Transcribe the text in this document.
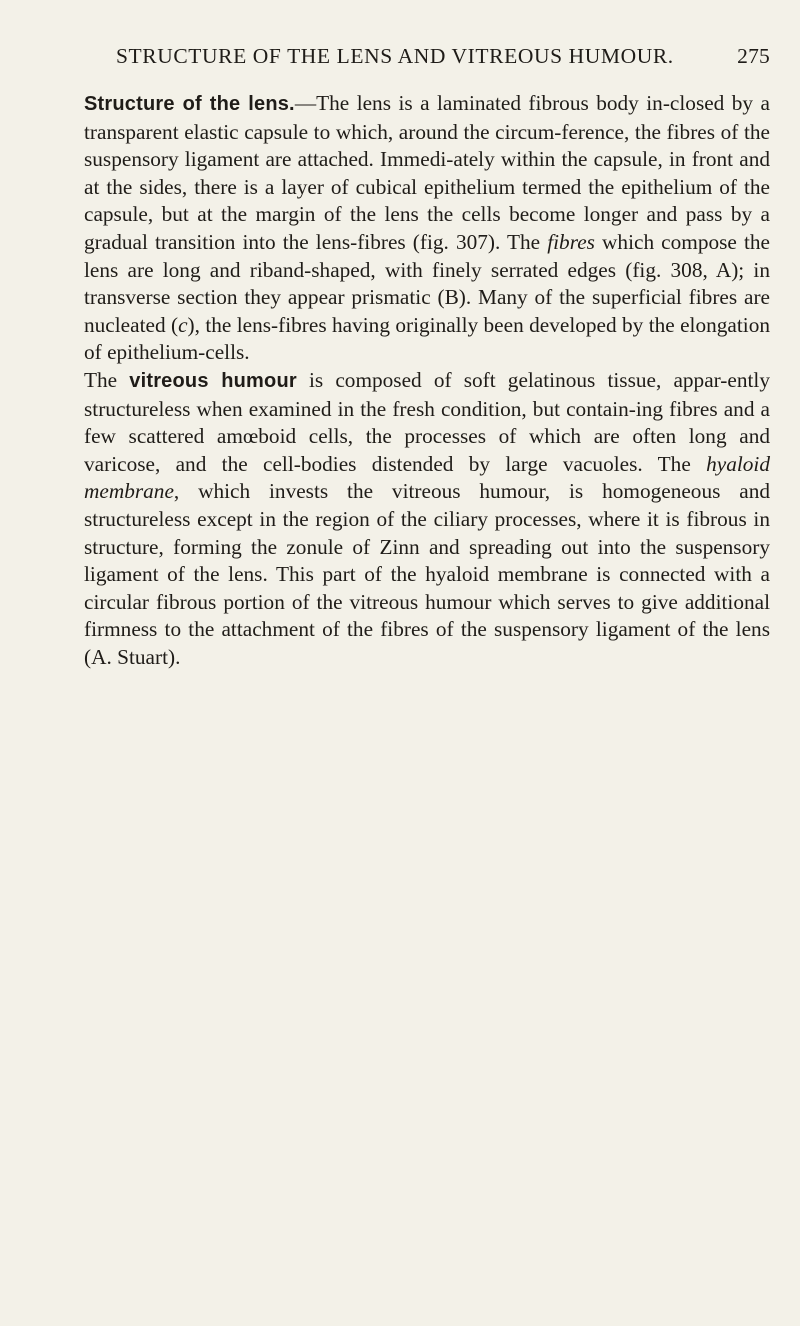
STRUCTURE OF THE LENS AND VITREOUS HUMOUR.	275

Structure of the lens.—The lens is a laminated fibrous body in-closed by a transparent elastic capsule to which, around the circum-ference, the fibres of the suspensory ligament are attached. Immedi-ately within the capsule, in front and at the sides, there is a layer of cubical epithelium termed the epithelium of the capsule, but at the margin of the lens the cells become longer and pass by a gradual transition into the lens-fibres (fig. 307). The fibres which compose the lens are long and riband-shaped, with finely serrated edges (fig. 308, A); in transverse section they appear prismatic (B). Many of the superficial fibres are nucleated (c), the lens-fibres having originally been developed by the elongation of epithelium-cells.

The vitreous humour is composed of soft gelatinous tissue, appar-ently structureless when examined in the fresh condition, but contain-ing fibres and a few scattered amœboid cells, the processes of which are often long and varicose, and the cell-bodies distended by large vacuoles. The hyaloid membrane, which invests the vitreous humour, is homogeneous and structureless except in the region of the ciliary processes, where it is fibrous in structure, forming the zonule of Zinn and spreading out into the suspensory ligament of the lens. This part of the hyaloid membrane is connected with a circular fibrous portion of the vitreous humour which serves to give additional firmness to the attachment of the fibres of the suspensory ligament of the lens (A. Stuart).
